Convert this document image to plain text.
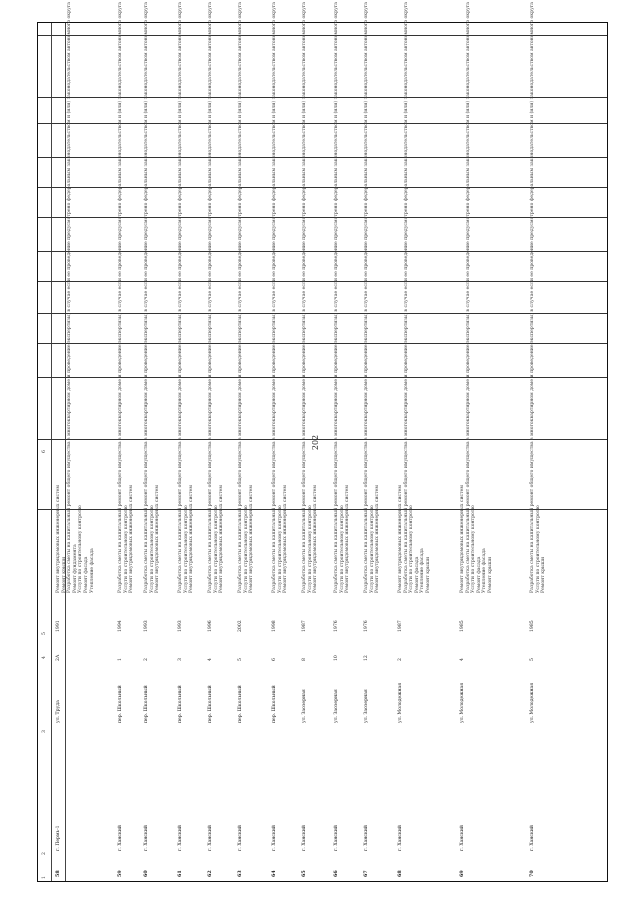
202
1
2
3
4
5
6
58
г. Пермь-1
ул. Труда
2А
1991
Ремонт внутридомовых инженерных систем Ремонт крыши Разработка сметы на капитальный ремонт общего имущества в многоквартирном доме и проведение экспертизы, в случае если ее проведение предусмотрено федеральным законодательством и (или) законодательством автономного округа Ремонт фундамента Услуги по строительному контролю Ремонт фасада Утепление фасада
59
г. Ханский
пер. Школьный
1
1994
Разработка сметы на капитальный ремонт общего имущества в многоквартирном доме и проведение экспертизы, в случае если ее проведение предусмотрено федеральным законодательством и (или) законодательством автономного округа Услуги по строительному контролю Ремонт внутридомовых инженерных систем
60
г. Ханский
пер. Школьный
2
1993
Разработка сметы на капитальный ремонт общего имущества в многоквартирном доме и проведение экспертизы, в случае если ее проведение предусмотрено федеральным законодательством и (или) законодательством автономного округа Услуги по строительному контролю Ремонт внутридомовых инженерных систем
61
г. Ханский
пер. Школьный
3
1993
Разработка сметы на капитальный ремонт общего имущества в многоквартирном доме и проведение экспертизы, в случае если ее проведение предусмотрено федеральным законодательством и (или) законодательством автономного округа Услуги по строительному контролю Ремонт внутридомовых инженерных систем
62
г. Ханский
пер. Школьный
4
1996
Разработка сметы на капитальный ремонт общего имущества в многоквартирном доме и проведение экспертизы, в случае если ее проведение предусмотрено федеральным законодательством и (или) законодательством автономного округа Услуги по строительному контролю Ремонт внутридомовых инженерных систем
63
г. Ханский
пер. Школьный
5
2002
Разработка сметы на капитальный ремонт общего имущества в многоквартирном доме и проведение экспертизы, в случае если ее проведение предусмотрено федеральным законодательством и (или) законодательством автономного округа Услуги по строительному контролю Ремонт внутридомовых инженерных систем
64
г. Ханский
пер. Школьный
6
1998
Разработка сметы на капитальный ремонт общего имущества в многоквартирном доме и проведение экспертизы, в случае если ее проведение предусмотрено федеральным законодательством и (или) законодательством автономного округа Услуги по строительному контролю Ремонт внутридомовых инженерных систем
65
г. Ханский
ул. Заозерная
8
1987
Разработка сметы на капитальный ремонт общего имущества в многоквартирном доме и проведение экспертизы, в случае если ее проведение предусмотрено федеральным законодательством и (или) законодательством автономного округа Услуги по строительному контролю Ремонт внутридомовых инженерных систем
66
г. Ханский
ул. Заозерная
10
1976
Разработка сметы на капитальный ремонт общего имущества в многоквартирном доме и проведение экспертизы, в случае если ее проведение предусмотрено федеральным законодательством и (или) законодательством автономного округа Услуги по строительному контролю Ремонт внутридомовых инженерных систем
67
г. Ханский
ул. Заозерная
12
1976
Разработка сметы на капитальный ремонт общего имущества в многоквартирном доме и проведение экспертизы, в случае если ее проведение предусмотрено федеральным законодательством и (или) законодательством автономного округа Услуги по строительному контролю Ремонт внутридомовых инженерных систем
68
г. Ханский
ул. Молодежная
2
1987
Ремонт внутридомовых инженерных систем Разработка сметы на капитальный ремонт общего имущества в многоквартирном доме и проведение экспертизы, в случае если ее проведение предусмотрено федеральным законодательством и (или) законодательством автономного округа Услуги по строительному контролю Ремонт фасада Утепление фасада Ремонт крыши
69
г. Ханский
ул. Молодежная
4
1985
Ремонт внутридомовых инженерных систем Разработка сметы на капитальный ремонт общего имущества в многоквартирном доме и проведение экспертизы, в случае если ее проведение предусмотрено федеральным законодательством и (или) законодательством автономного округа Услуги по строительному контролю Ремонт фасада Утепление фасада Ремонт крыши
70
г. Ханский
ул. Молодежная
5
1985
Разработка сметы на капитальный ремонт общего имущества в многоквартирном доме и проведение экспертизы, в случае если ее проведение предусмотрено федеральным законодательством и (или) законодательством автономного округа Услуги по строительному контролю Ремонт крыши
